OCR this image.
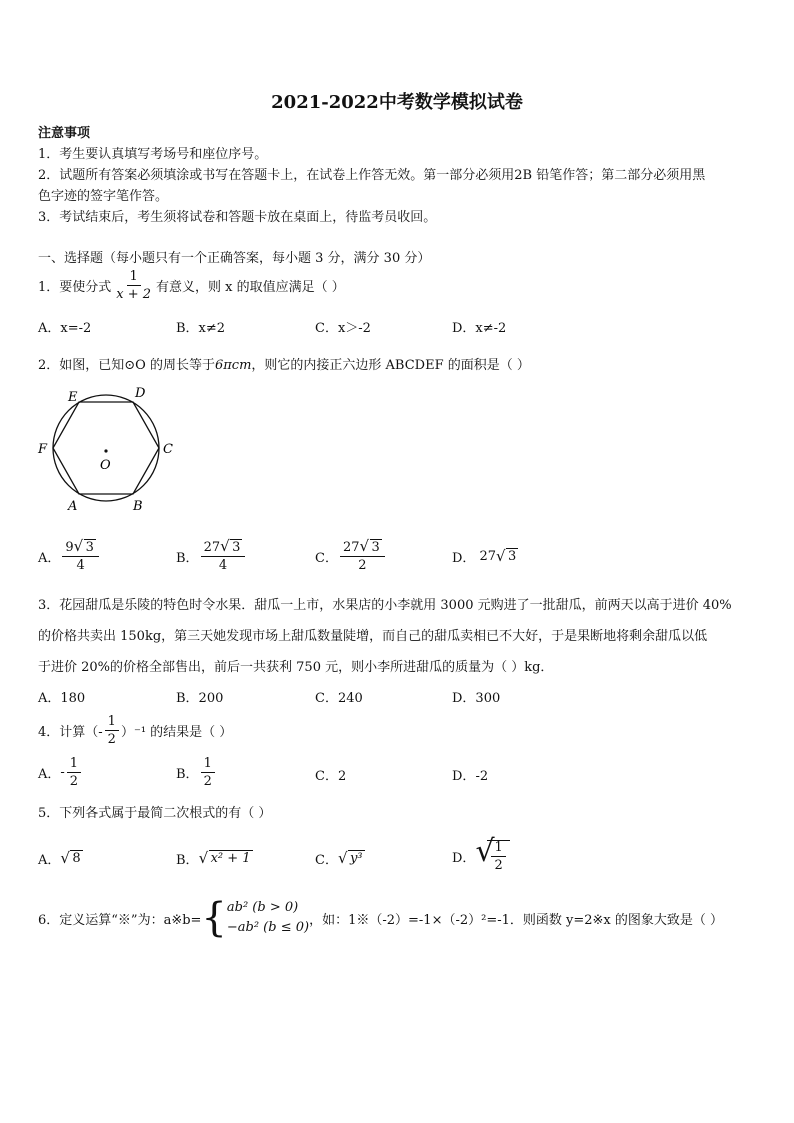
2021-2022中考数学模拟试卷
注意事项
1．考生要认真填写考场号和座位序号。
2．试题所有答案必须填涂或书写在答题卡上，在试卷上作答无效。第一部分必须用2B 铅笔作答；第二部分必须用黑
色字迹的签字笔作答。
3．考试结束后，考生须将试卷和答题卡放在桌面上，待监考员收回。
一、选择题（每小题只有一个正确答案，每小题 3 分，满分 30 分）
1．要使分式 $\frac{1}{x + 2}$ 有意义，则 x 的取值应满足（ ）
A．x=-2	B．x≠2	C．x＞-2	D．x≠-2
2．如图，已知⊙O 的周长等于6πcm，则它的内接正六边形 ABCDEF 的面积是（ ）
E	D
C
F
O
A	B
A． $\frac{9 √ 3}{4}$	B． $\frac{27 √ 3}{4}$	C． $\frac{27 √ 3}{2}$	D． 27 √ 3
3．花园甜瓜是乐陵的特色时令水果．甜瓜一上市，水果店的小李就用 3000 元购进了一批甜瓜，前两天以高于进价 40%
的价格共卖出 150kg，第三天她发现市场上甜瓜数量陡增，而自己的甜瓜卖相已不大好，于是果断地将剩余甜瓜以低
于进价 20%的价格全部售出，前后一共获利 750 元，则小李所进甜瓜的质量为（ ）kg．
A．180	B．200	C．240	D．300
4．计算（- $\frac{1}{2} )^{-1}$ 的结果是（ ）
A． - $\frac{1}{2}$	B． $\frac{1}{2}$	C．2	D．-2
5．下列各式属于最简二次根式的有（ ）
A． √ 8	B． √ x² + 1	C． √ y³	D． √
$\frac{1}{2}$
6．定义运算“※”为：a※b= { ab² (b > 0)
−ab² (b ≤ 0) ，如：1※（-2）=-1×（-2）²=-1．则函数 y=2※x 的图象大致是（ ）
